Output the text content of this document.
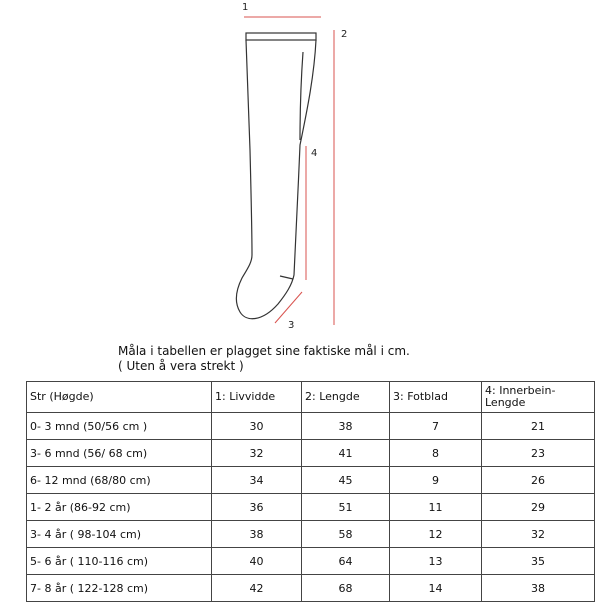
1
2
3
4
Måla i tabellen er plagget sine faktiske mål i cm.
( Uten å vera strekt )
Str (Høgde)	1: Livvidde	2: Lengde	3: Fotblad	4: Innerbein-Lengde
0- 3 mnd (50/56 cm )	30	38	7	21
3- 6 mnd (56/ 68 cm)	32	41	8	23
6- 12 mnd (68/80 cm)	34	45	9	26
1- 2 år (86-92 cm)	36	51	11	29
3- 4 år ( 98-104 cm)	38	58	12	32
5- 6 år ( 110-116 cm)	40	64	13	35
7- 8 år ( 122-128 cm)	42	68	14	38
